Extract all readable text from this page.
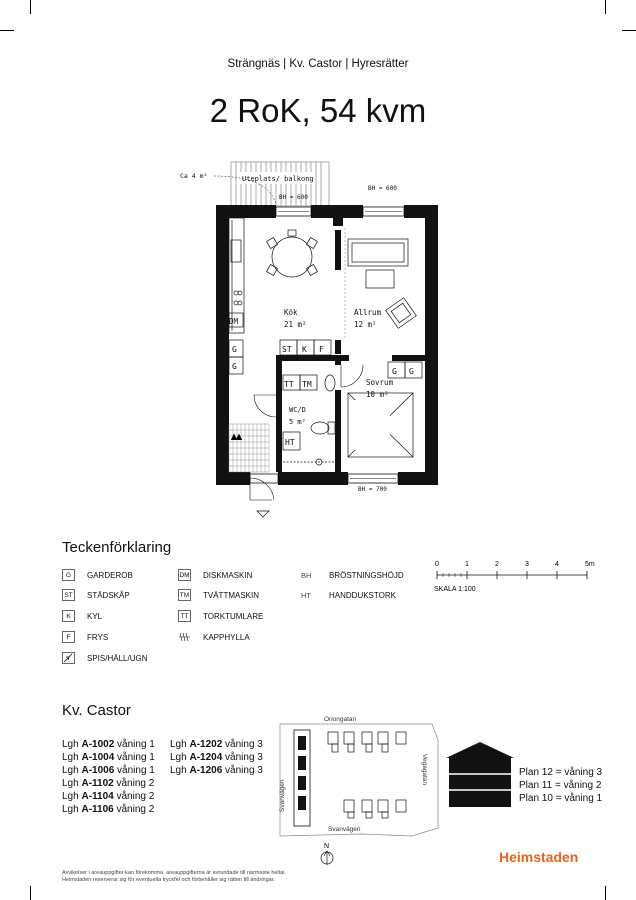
Strängnäs | Kv. Castor | Hyresrätter
2 RoK, 54 kvm
Uteplats/ balkong
Ca 4 m²
BH = 600
BH = 600
BH = 700
DM
G
G
Kök
21 m²
Allrum
12 m²
ST K F
TT TM
WC/D
5 m²
HT
G G
Sovrum
10 m²
Teckenförklaring
G	GARDEROB
ST STÄDSKÅP
K	KYL
F	FRYS
SPIS/HÄLL/UGN
DM DISKMASKIN
TM TVÄTTMASKIN
TT	TORKTUMLARE
KAPPHYLLA
BH	BRÖSTNINGSHÖJD
HT	HANDDUKSTORK
0	1	2	3	4	5m
SKALA 1:100
Kv. Castor
Lgh A-1002 våning 1
Lgh A-1004 våning 1
Lgh A-1006 våning 1
Lgh A-1102 våning 2
Lgh A-1104 våning 2
Lgh A-1106 våning 2
Lgh A-1202 våning 3
Lgh A-1204 våning 3
Lgh A-1206 våning 3
Oriongatan
Svanvägen
Svanvägen
Vegagatan
N
Plan 12 = våning 3
Plan 11 = våning 2
Plan 10 = våning 1
Avvikelser i areauppgifter kan förekomma, areauppgifterna är avrundade till närmaste heltal.
Heimstaden reserverar sig för eventuella tryckfel och förbehåller sig rätten till ändringar.
Heimstaden
